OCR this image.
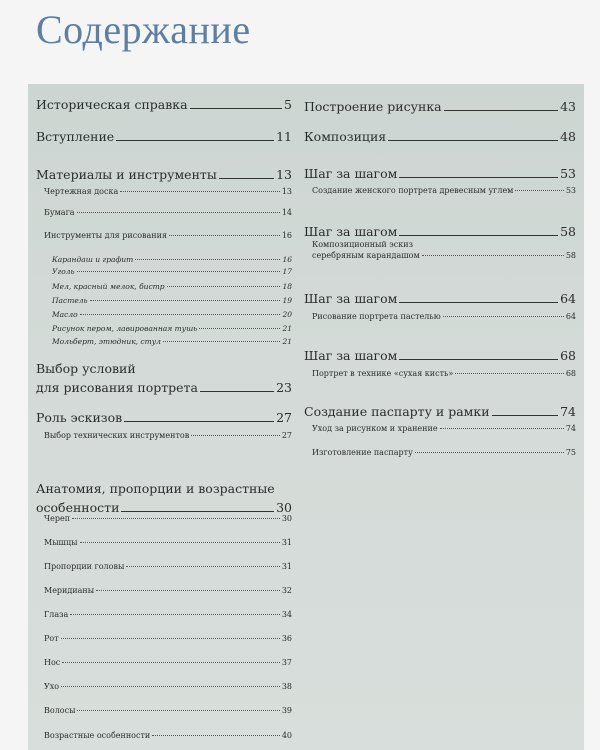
Содержание
Историческая справка	5
Вступление	11
Материалы и инструменты	13
Чертежная доска	13
Бумага	14
Инструменты для рисования	16
Карандаш и графит	16
Уголь	17
Мел, красный мелок, бистр	18
Пастель	19
Масло	20
Рисунок пером, лавированная тушь	21
Мольберт, этюдник, стул	21
Выбор условий
для рисования портрета	23
Роль эскизов	27
Выбор технических инструментов	27
Анатомия, пропорции и возрастные
особенности	30
Череп	30
Мышцы	31
Пропорции головы	31
Меридианы	32
Глаза	34
Рот	36
Нос	37
Ухо	38
Волосы	39
Возрастные особенности	40
Построение рисунка	43
Композиция	48
Шаг за шагом	53
Создание женского портрета древесным углем	53
Шаг за шагом	58
Композиционный эскиз
серебряным карандашом	58
Шаг за шагом	64
Рисование портрета пастелью	64
Шаг за шагом	68
Портрет в технике «сухая кисть»	68
Создание паспарту и рамки	74
Уход за рисунком и хранение	74
Изготовление паспарту	75
